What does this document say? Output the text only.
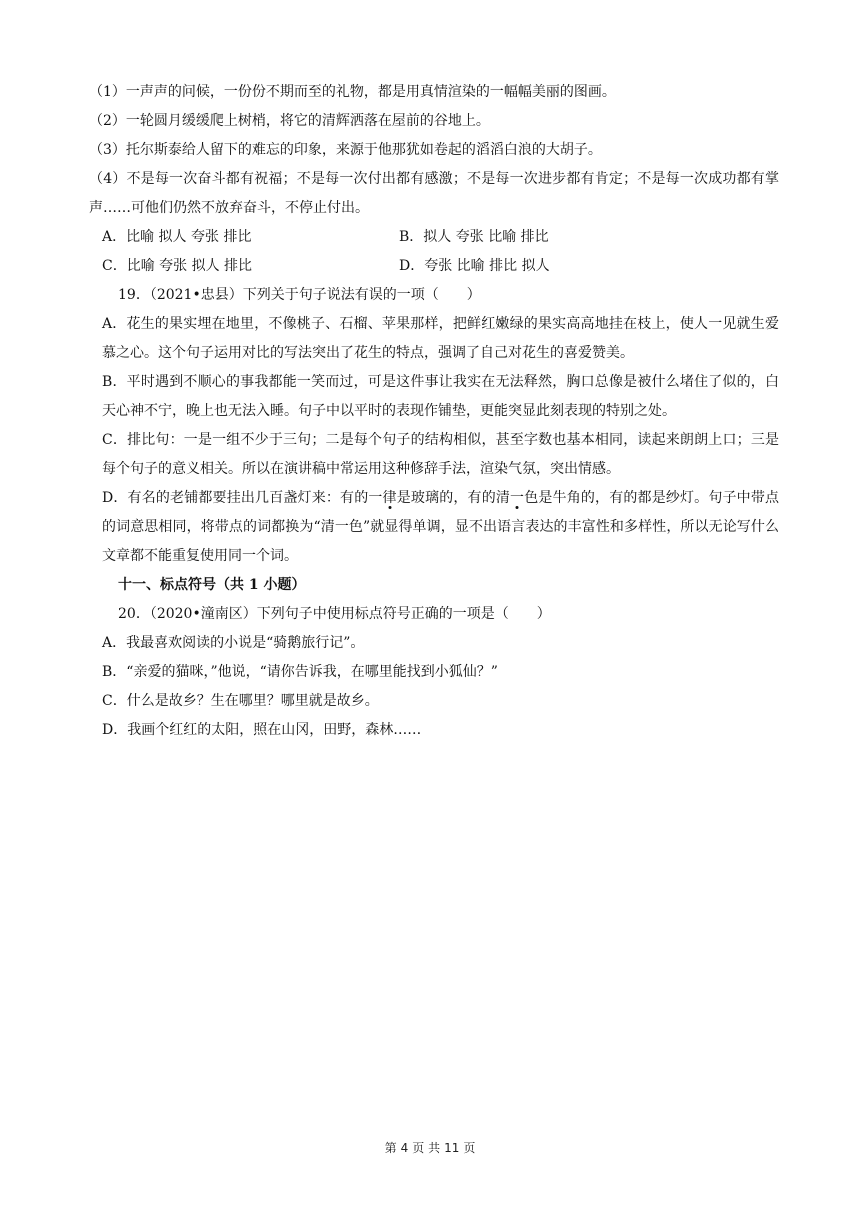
（1）一声声的问候，一份份不期而至的礼物，都是用真情渲染的一幅幅美丽的图画。
（2）一轮圆月缓缓爬上树梢，将它的清辉洒落在屋前的谷地上。
（3）托尔斯泰给人留下的难忘的印象，来源于他那犹如卷起的滔滔白浪的大胡子。
（4）不是每一次奋斗都有祝福；不是每一次付出都有感激；不是每一次进步都有肯定；不是每一次成功都有掌声……可他们仍然不放弃奋斗，不停止付出。
A．比喻 拟人 夸张 排比	B．拟人 夸张 比喻 排比
C．比喻 夸张 拟人 排比	D．夸张 比喻 排比 拟人
19．（2021•忠县）下列关于句子说法有误的一项（　　）
A．花生的果实埋在地里，不像桃子、石榴、苹果那样，把鲜红嫩绿的果实高高地挂在枝上，使人一见就生爱慕之心。这个句子运用对比的写法突出了花生的特点，强调了自己对花生的喜爱赞美。
B．平时遇到不顺心的事我都能一笑而过，可是这件事让我实在无法释然，胸口总像是被什么堵住了似的，白天心神不宁，晚上也无法入睡。句子中以平时的表现作铺垫，更能突显此刻表现的特别之处。
C．排比句：一是一组不少于三句；二是每个句子的结构相似，甚至字数也基本相同，读起来朗朗上口；三是每个句子的意义相关。所以在演讲稿中常运用这种修辞手法，渲染气氛，突出情感。
D．有名的老铺都要挂出几百盏灯来：有的一律是玻璃的，有的清一色是牛角的，有的都是纱灯。句子中带点的词意思相同，将带点的词都换为“清一色”就显得单调，显不出语言表达的丰富性和多样性，所以无论写什么文章都不能重复使用同一个词。
十一、标点符号（共 1 小题）
20．（2020•潼南区）下列句子中使用标点符号正确的一项是（　　）
A．我最喜欢阅读的小说是“骑鹅旅行记”。
B．“亲爱的猫咪，”他说，“请你告诉我，在哪里能找到小狐仙？”
C．什么是故乡？生在哪里？哪里就是故乡。
D．我画个红红的太阳，照在山冈，田野，森林……
第 4 页 共 11 页
